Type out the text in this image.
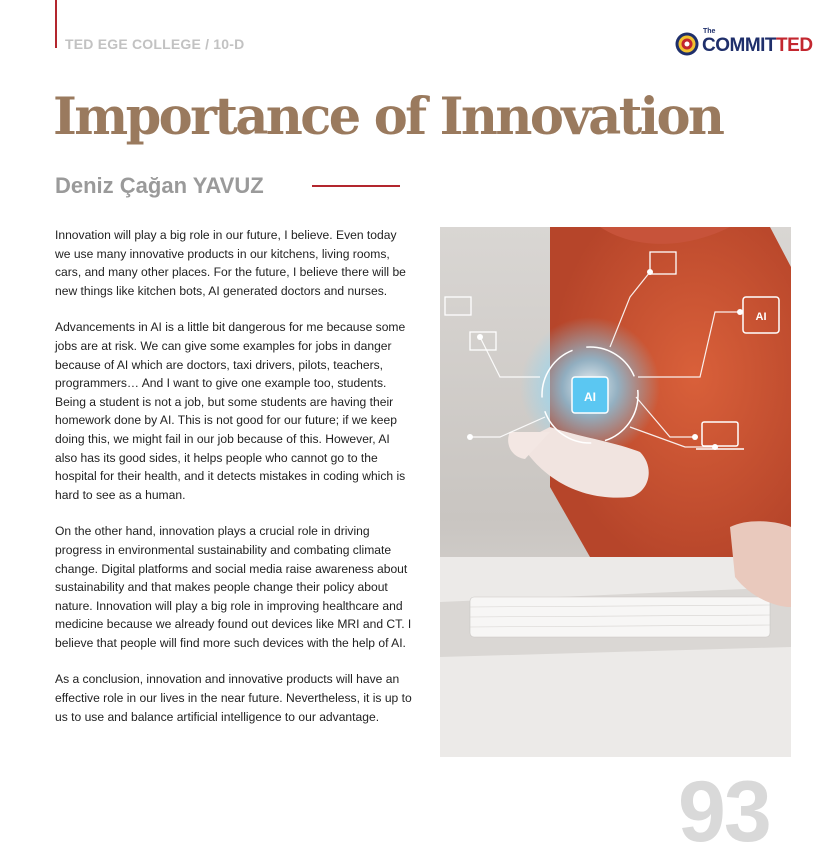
TED EGE COLLEGE / 10-D
The
COMMITTED
Importance of Innovation
Deniz Çağan YAVUZ

Innovation will play a big role in our future, I believe. Even today we use many innovative products in our kitchens, living rooms, cars, and many other places. For the future, I believe there will be new things like kitchen bots, AI generated doctors and nurses.

Advancements in AI is a little bit dangerous for me because some jobs are at risk. We can give some examples for jobs in danger because of AI which are doctors, taxi drivers, pilots, teachers, programmers… And I want to give one example too, students. Being a student is not a job, but some students are having their homework done by AI. This is not good for our future; if we keep doing this, we might fail in our job because of this. However, AI also has its good sides, it helps people who cannot go to the hospital for their health, and it detects mistakes in coding which is hard to see as a human.

On the other hand, innovation plays a crucial role in driving progress in environmental sustainability and combating climate change. Digital platforms and social media raise awareness about sustainability and that makes people change their policy about nature. Innovation will play a big role in improving healthcare and medicine because we already found out devices like MRI and CT. I believe that people will find more such devices with the help of AI.

As a conclusion, innovation and innovative products will have an effective role in our lives in the near future. Nevertheless, it is up to us to use and balance artificial intelligence to our advantage.

AI
AI
93
